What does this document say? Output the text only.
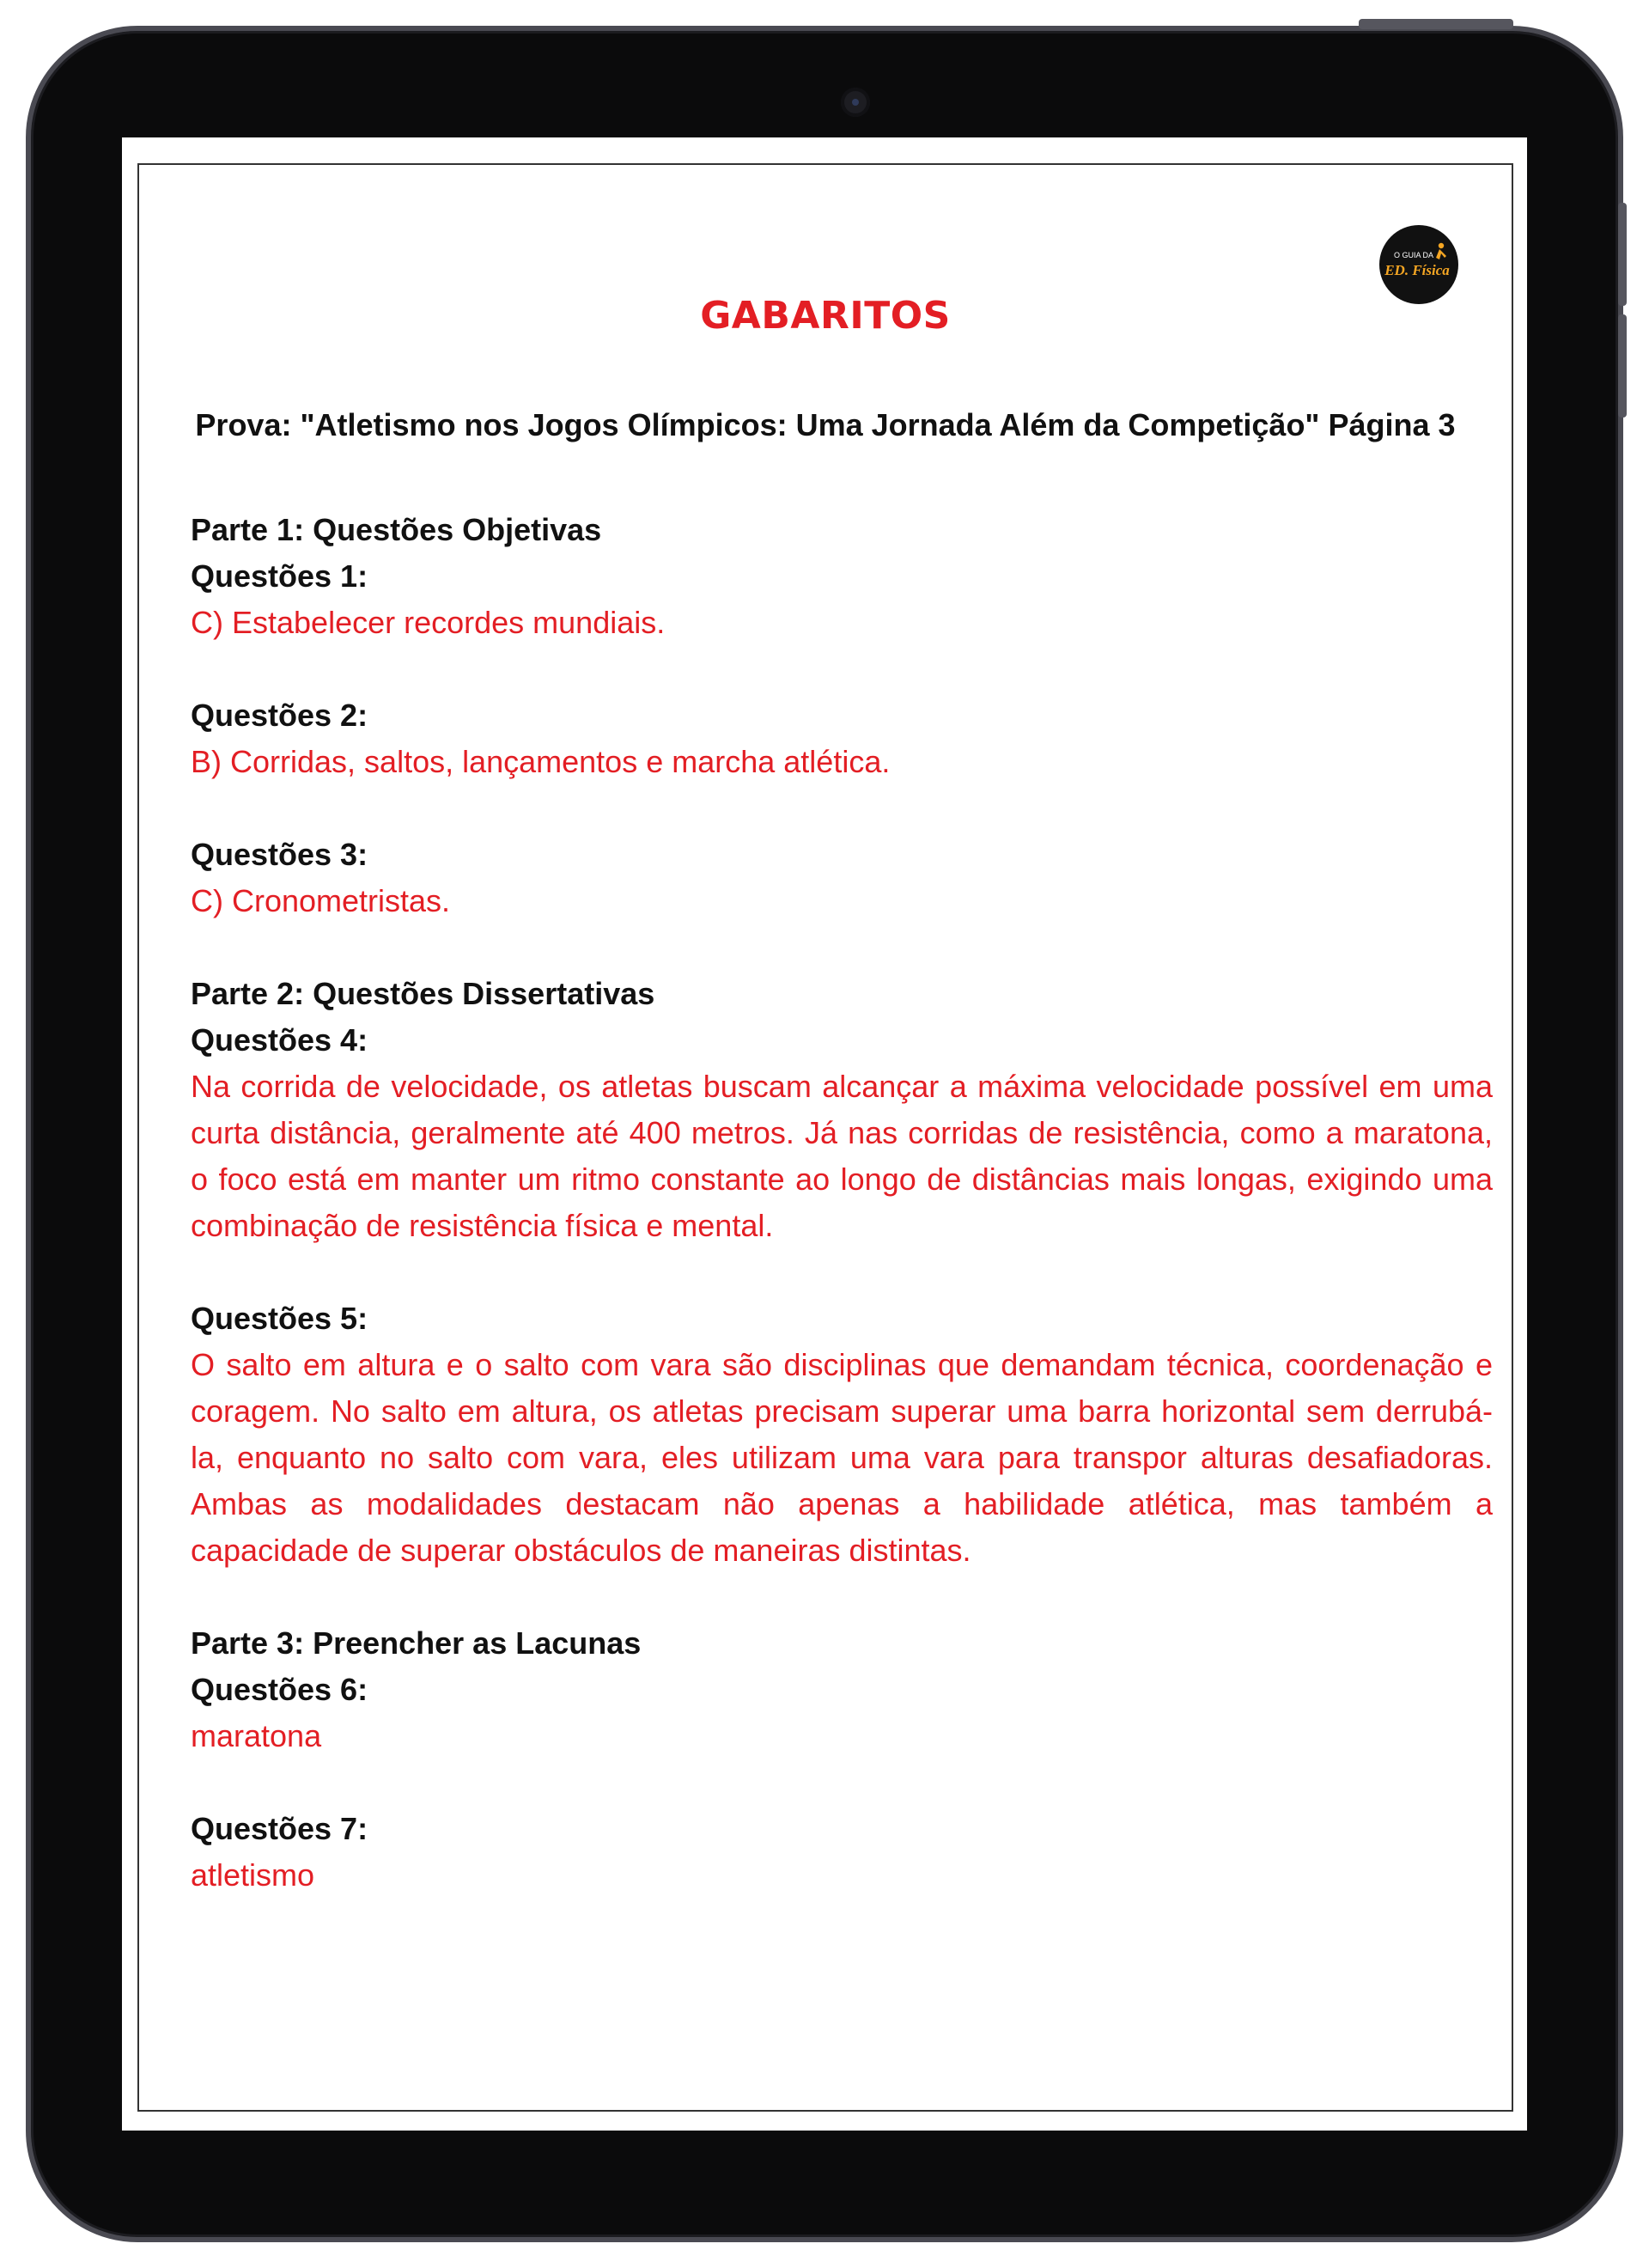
O GUIA DA
ED. Física
GABARITOS
Prova: "Atletismo nos Jogos Olímpicos: Uma Jornada Além da Competição" Página 3

Parte 1: Questões Objetivas

Questões 1:

C) Estabelecer recordes mundiais.

Questões 2:

B) Corridas, saltos, lançamentos e marcha atlética.

Questões 3:

C) Cronometristas.

Parte 2: Questões Dissertativas

Questões 4:

Na corrida de velocidade, os atletas buscam alcançar a máxima velocidade possível em uma curta distância, geralmente até 400 metros. Já nas corridas de resistência, como a maratona, o foco está em manter um ritmo constante ao longo de distâncias mais longas, exigindo uma combinação de resistência física e mental.

Questões 5:

O salto em altura e o salto com vara são disciplinas que demandam técnica, coordenação e coragem. No salto em altura, os atletas precisam superar uma barra horizontal sem derrubá-la, enquanto no salto com vara, eles utilizam uma vara para transpor alturas desafiadoras. Ambas as modalidades destacam não apenas a habilidade atlética, mas também a capacidade de superar obstáculos de maneiras distintas.

Parte 3: Preencher as Lacunas

Questões 6:

maratona

Questões 7:

atletismo
